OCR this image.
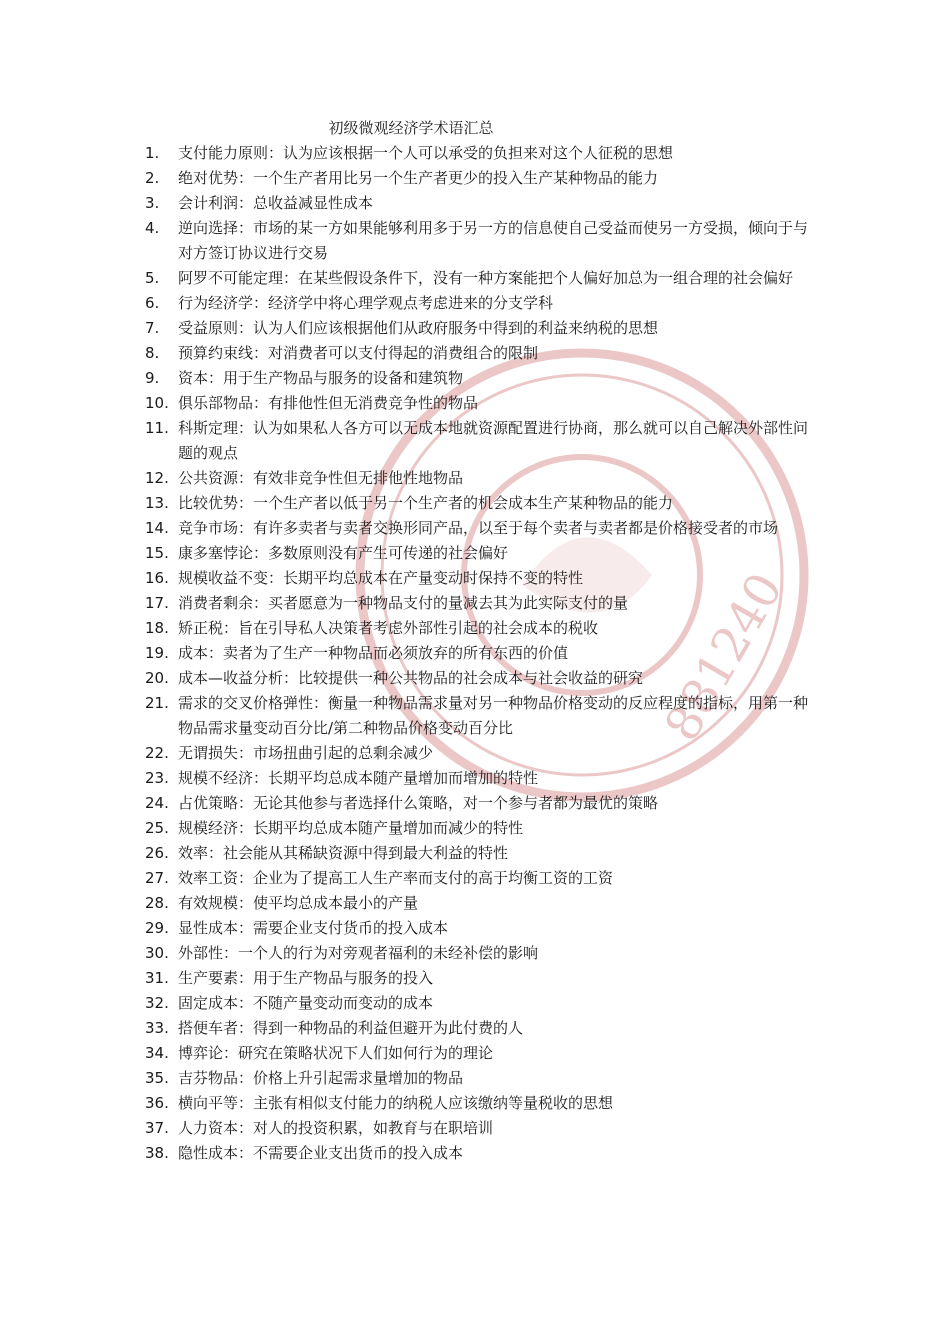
881240
初级微观经济学术语汇总
1. 支付能力原则：认为应该根据一个人可以承受的负担来对这个人征税的思想
2. 绝对优势：一个生产者用比另一个生产者更少的投入生产某种物品的能力
3. 会计利润：总收益减显性成本
4. 逆向选择：市场的某一方如果能够利用多于另一方的信息使自己受益而使另一方受损，倾向于与对方签订协议进行交易
5. 阿罗不可能定理：在某些假设条件下，没有一种方案能把个人偏好加总为一组合理的社会偏好
6. 行为经济学：经济学中将心理学观点考虑进来的分支学科
7. 受益原则：认为人们应该根据他们从政府服务中得到的利益来纳税的思想
8. 预算约束线：对消费者可以支付得起的消费组合的限制
9. 资本：用于生产物品与服务的设备和建筑物
10. 俱乐部物品：有排他性但无消费竞争性的物品
11. 科斯定理：认为如果私人各方可以无成本地就资源配置进行协商，那么就可以自己解决外部性问题的观点
12. 公共资源：有效非竞争性但无排他性地物品
13. 比较优势：一个生产者以低于另一个生产者的机会成本生产某种物品的能力
14. 竞争市场：有许多卖者与卖者交换形同产品，以至于每个卖者与卖者都是价格接受者的市场
15. 康多塞悖论：多数原则没有产生可传递的社会偏好
16. 规模收益不变：长期平均总成本在产量变动时保持不变的特性
17. 消费者剩余：买者愿意为一种物品支付的量减去其为此实际支付的量
18. 矫正税：旨在引导私人决策者考虑外部性引起的社会成本的税收
19. 成本：卖者为了生产一种物品而必须放弃的所有东西的价值
20. 成本—收益分析：比较提供一种公共物品的社会成本与社会收益的研究
21. 需求的交叉价格弹性：衡量一种物品需求量对另一种物品价格变动的反应程度的指标，用第一种物品需求量变动百分比/第二种物品价格变动百分比
22. 无谓损失：市场扭曲引起的总剩余减少
23. 规模不经济：长期平均总成本随产量增加而增加的特性
24. 占优策略：无论其他参与者选择什么策略，对一个参与者都为最优的策略
25. 规模经济：长期平均总成本随产量增加而减少的特性
26. 效率：社会能从其稀缺资源中得到最大利益的特性
27. 效率工资：企业为了提高工人生产率而支付的高于均衡工资的工资
28. 有效规模：使平均总成本最小的产量
29. 显性成本：需要企业支付货币的投入成本
30. 外部性：一个人的行为对旁观者福利的未经补偿的影响
31. 生产要素：用于生产物品与服务的投入
32. 固定成本：不随产量变动而变动的成本
33. 搭便车者：得到一种物品的利益但避开为此付费的人
34. 博弈论：研究在策略状况下人们如何行为的理论
35. 吉芬物品：价格上升引起需求量增加的物品
36. 横向平等：主张有相似支付能力的纳税人应该缴纳等量税收的思想
37. 人力资本：对人的投资积累，如教育与在职培训
38. 隐性成本：不需要企业支出货币的投入成本
